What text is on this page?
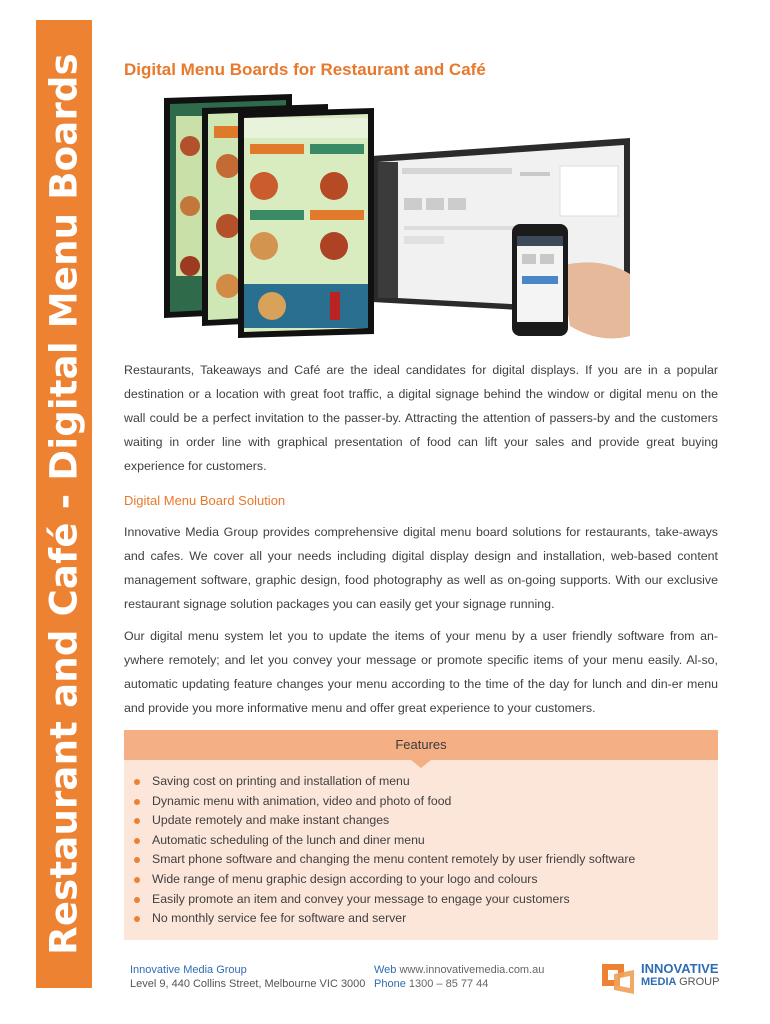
Restaurant and Café - Digital Menu Boards Digital Menu Boards for Restaurant and Café

Restaurants, Takeaways and Café are the ideal candidates for digital displays. If you are in a popular destination or a location with great foot traffic, a digital signage behind the window or digital menu on the wall could be a perfect invitation to the passer-by. Attracting the attention of passers-by and the customers waiting in order line with graphical presentation of food can lift your sales and provide great buying experience for customers.

Digital Menu Board Solution

Innovative Media Group provides comprehensive digital menu board solutions for restaurants, take-aways and cafes. We cover all your needs including digital display design and installation, web-based content management software, graphic design, food photography as well as on-going supports. With our exclusive restaurant signage solution packages you can easily get your signage running.

Our digital menu system let you to update the items of your menu by a user friendly software from an-ywhere remotely; and let you convey your message or promote specific items of your menu easily. Al-so, automatic updating feature changes your menu according to the time of the day for lunch and din-er menu and provide you more informative menu and offer great experience to your customers.

Features
Saving cost on printing and installation of menu
Dynamic menu with animation, video and photo of food
Update remotely and make instant changes
Automatic scheduling of the lunch and diner menu
Smart phone software and changing the menu content remotely by user friendly software
Wide range of menu graphic design according to your logo and colours
Easily promote an item and convey your message to engage your customers
No monthly service fee for software and server
Innovative Media Group
Level 9, 440 Collins Street, Melbourne VIC 3000
Web www.innovativemedia.com.au
Phone 1300 – 85 77 44
INNOVATIVE
MEDIA GROUP
